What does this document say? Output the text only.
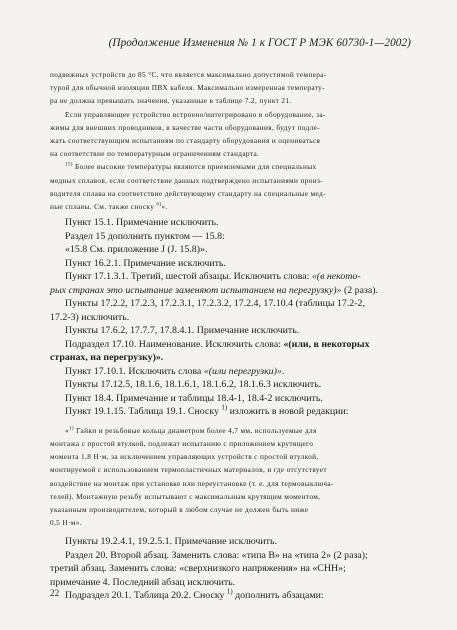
(Продолжение Изменения № 1 к ГОСТ Р МЭК 60730-1—2002)

подвижных устройств до 85 °С, что является максимально допустимой темпера-

турой для обычной изоляции ПВХ кабеля. Максимально измеренная температу-

ра не должна превышать значения, указанные в таблице 7.2, пункт 21.

Если управляющее устройство встроено/интегрировано в оборудование, за-

жимы для внешних проводников, в качестве части оборудования, будут подле-

жать соответствующим испытаниям по стандарту оборудования и оцениваться

на соответствие по температурным ограничениям стандарта.

$^{15)}$ Более высокие температуры являются приемлемыми для специальных

медных сплавов, если соответствие данных подтверждено испытаниями произ-

водителя сплава на соответствие действующему стандарту на специальные мед-

ные сплавы. См. также сноску $^{6)}$».

Пункт 15.1. Примечание исключить.

Раздел 15 дополнить пунктом — 15.8:

«15.8 См. приложение J (J. 15.8)».

Пункт 16.2.1. Примечание исключить.

Пункт 17.1.3.1. Третий, шестой абзацы. Исключить слова: «(в некото-

рых странах это испытание заменяют испытанием на перегрузку)» (2 раза).

Пункты 17.2.2, 17.2.3, 17.2.3.1, 17.2.3.2, 17.2.4, 17.10.4 (таблицы 17.2-2,

17.2-3) исключить.

Пункты 17.6.2, 17.7.7, 17.8.4.1. Примечание исключить.

Подраздел 17.10. Наименование. Исключить слова: «(или, в некоторых

странах, на перегрузку)».

Пункт 17.10.1. Исключить слова «(или перегрузки)».

Пункты 17.12.5, 18.1.6, 18.1.6.1, 18.1.6.2, 18.1.6.3 исключить.

Пункт 18.4. Примечание и таблицы 18.4-1, 18.4-2 исключить.

Пункт 19.1.15. Таблица 19.1. Сноску $^{1)}$ изложить в новой редакции:

«$^{1)}$ Гайки и резьбовые кольца диаметром более 4,7 мм, используемые для

монтажа с простой втулкой, подлежат испытанию с приложением крутящего

момента 1,8 Н·м, за исключением управляющих устройств с простой втулкой,

монтируемой с использованием термопластичных материалов, и где отсутствует

воздействие на монтаж при установке или переустановке (т. е. для термовыключа-

телей). Монтажную резьбу испытывают с максимальным крутящим моментом,

указанным производителем, который в любом случае не должен быть ниже

0,5 Н·м».

Пункты 19.2.4.1, 19.2.5.1. Примечание исключить.

Раздел 20. Второй абзац. Заменить слова: «типа В» на «типа 2» (2 раза);

третий абзац. Заменить слова: «сверхнизкого напряжения» на «СНН»;

примечание 4. Последний абзац исключить.

Подраздел 20.1. Таблица 20.2. Сноску $^{1)}$ дополнить абзацами:

22
